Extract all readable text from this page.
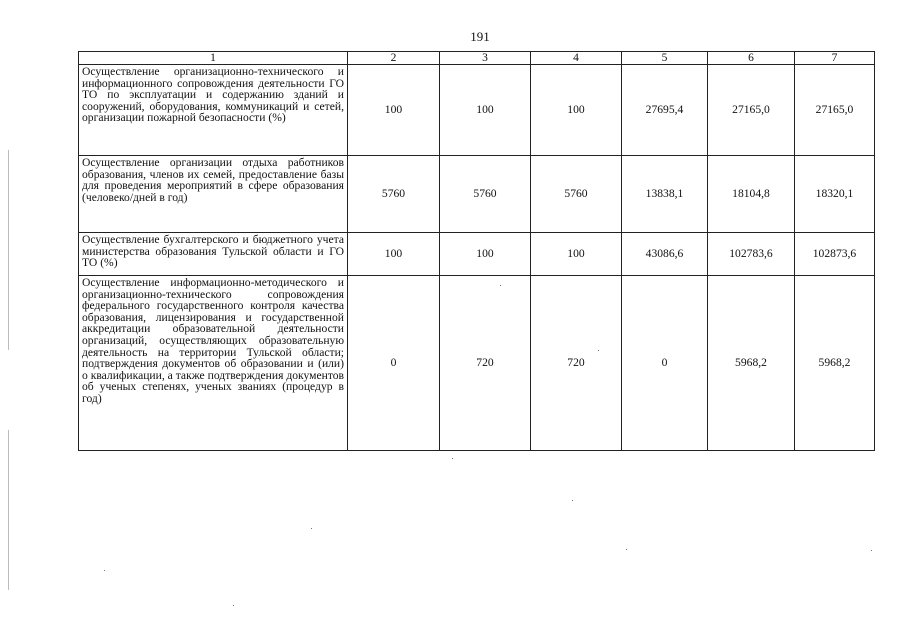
191
1	2	3	4	5	6	7
Осуществление организационно-технического и информационного сопровождения деятельности ГО ТО по эксплуатации и содержанию зданий и сооружений, оборудования, коммуникаций и сетей, организации пожарной безопасности (%)	100	100	100	27695,4	27165,0	27165,0
Осуществление организации отдыха работников образования, членов их семей, предоставление базы для проведения мероприятий в сфере образования (человеко/дней в год)	5760	5760	5760	13838,1	18104,8	18320,1
Осуществление бухгалтерского и бюджетного учета министерства образования Тульской области и ГО ТО (%)	100	100	100	43086,6	102783,6	102873,6
Осуществление информационно-методического и организационно-технического сопровождения федерального государственного контроля качества образования, лицензирования и государственной аккредитации образовательной деятельности организаций, осуществляющих образовательную деятельность на территории Тульской области; подтверждения документов об образовании и (или) о квалификации, а также подтверждения документов об ученых степенях, ученых званиях (процедур в год)	0	720	720	0	5968,2	5968,2
